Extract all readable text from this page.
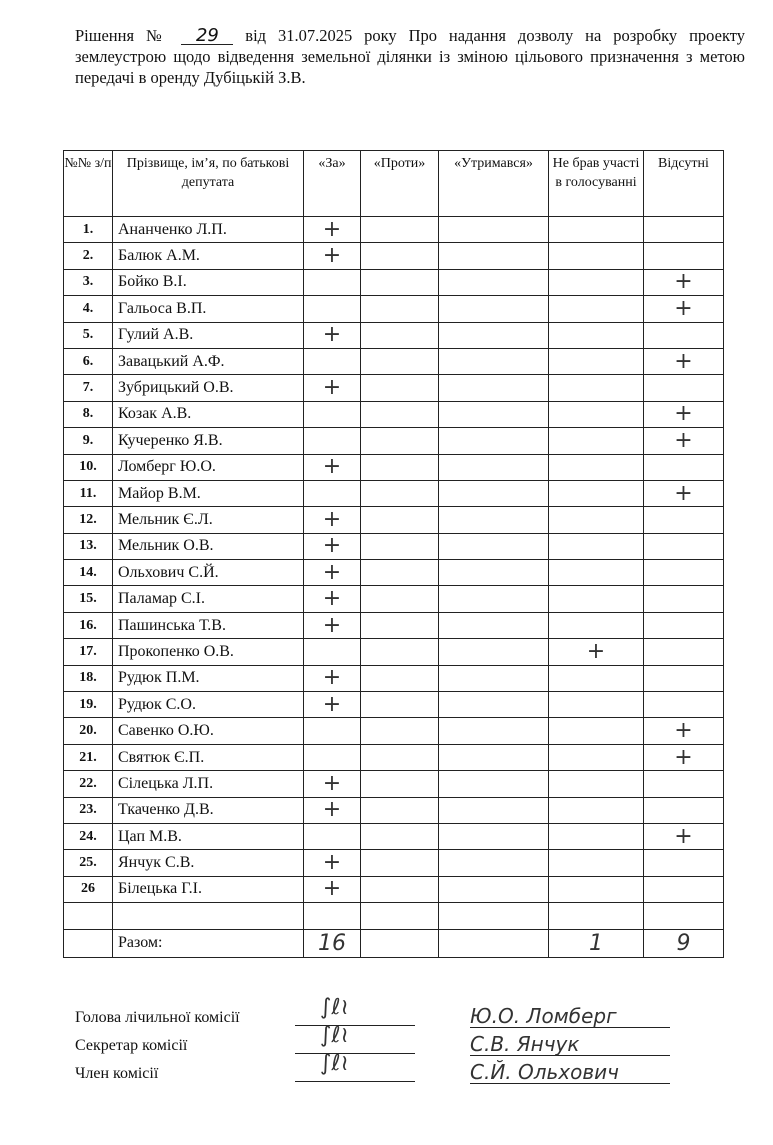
Рішення № 29 від 31.07.2025 року Про надання дозволу на розробку проекту землеустрою щодо відведення земельної ділянки із зміною цільового призначення з метою передачі в оренду Дубіцькій З.В.
№№ з/п	Прізвище, ім’я, по батькові депутата	«За»	«Проти»	«Утримався»	Не брав участі в голосуванні	Відсутні
1.	Ананченко Л.П.	+				
2.	Балюк А.М.	+				
3.	Бойко В.І.					+
4.	Гальоса В.П.					+
5.	Гулий А.В.	+				
6.	Завацький А.Ф.					+
7.	Зубрицький О.В.	+				
8.	Козак А.В.					+
9.	Кучеренко Я.В.					+
10.	Ломберг Ю.О.	+				
11.	Майор В.М.					+
12.	Мельник Є.Л.	+				
13.	Мельник О.В.	+				
14.	Ольхович С.Й.	+				
15.	Паламар С.І.	+				
16.	Пашинська Т.В.	+				
17.	Прокопенко О.В.				+	
18.	Рудюк П.М.	+				
19.	Рудюк С.О.	+				
20.	Савенко О.Ю.					+
21.	Святюк Є.П.					+
22.	Сілецька Л.П.	+				
23.	Ткаченко Д.В.	+				
24.	Цап М.В.					+
25.	Янчук С.В.	+				
26	Білецька Г.І.	+				

	Разом:	16			1	9
Голова лічильної комісії	∫ℓ≀	Ю.О. Ломберг
Секретар комісії	∫ℓ≀	С.В. Янчук
Член комісії	∫ℓ≀	С.Й. Ольхович
